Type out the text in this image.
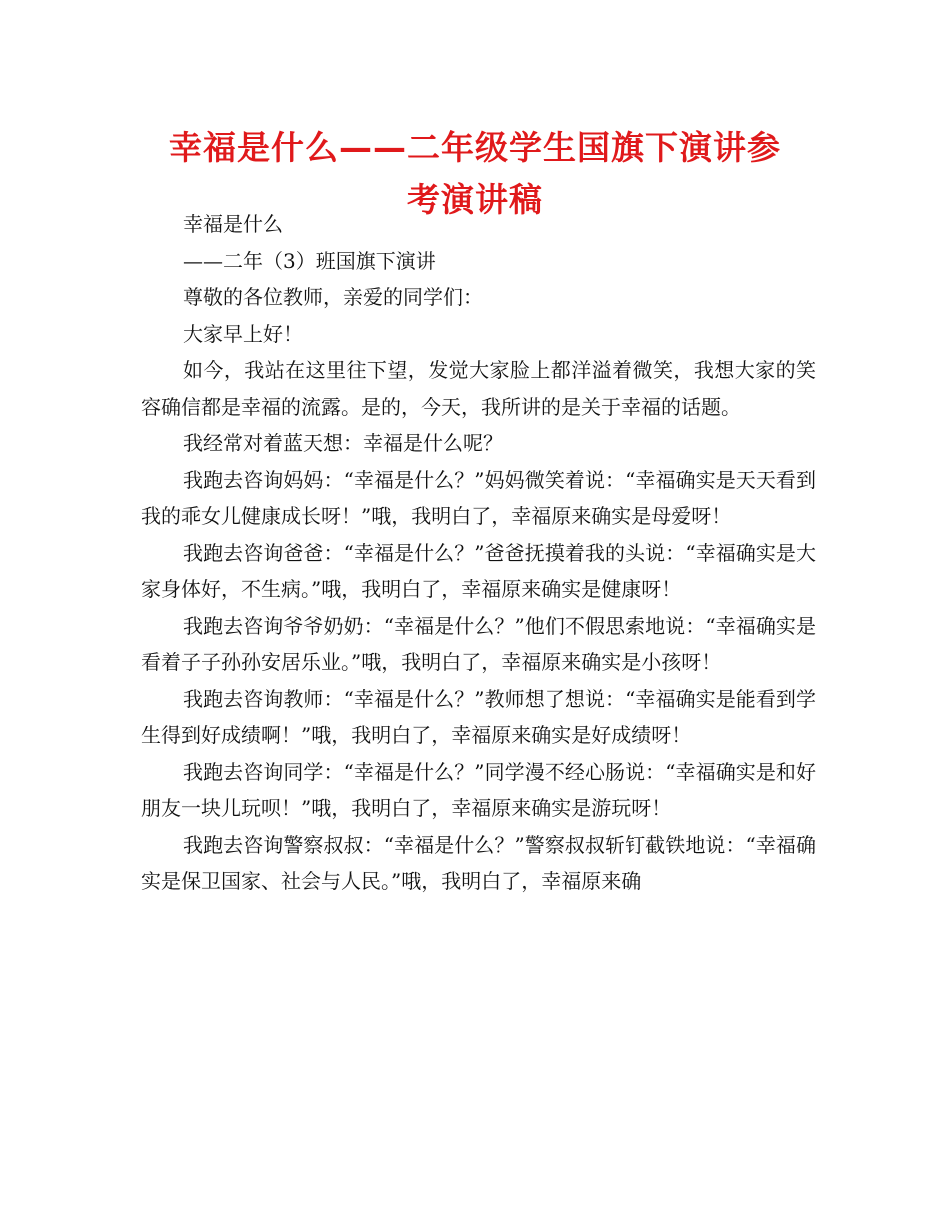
幸福是什么——二年级学生国旗下演讲参
考演讲稿

幸福是什么

——二年（3）班国旗下演讲

尊敬的各位教师，亲爱的同学们：

大家早上好！

如今，我站在这里往下望，发觉大家脸上都洋溢着微笑，我想大家的笑容确信都是幸福的流露。是的，今天，我所讲的是关于幸福的话题。

我经常对着蓝天想：幸福是什么呢？

我跑去咨询妈妈：“幸福是什么？”妈妈微笑着说：“幸福确实是天天看到我的乖女儿健康成长呀！”哦，我明白了，幸福原来确实是母爱呀！

我跑去咨询爸爸：“幸福是什么？”爸爸抚摸着我的头说：“幸福确实是大家身体好，不生病。”哦，我明白了，幸福原来确实是健康呀！

我跑去咨询爷爷奶奶：“幸福是什么？”他们不假思索地说：“幸福确实是看着子子孙孙安居乐业。”哦，我明白了，幸福原来确实是小孩呀！

我跑去咨询教师：“幸福是什么？”教师想了想说：“幸福确实是能看到学生得到好成绩啊！”哦，我明白了，幸福原来确实是好成绩呀！

我跑去咨询同学：“幸福是什么？”同学漫不经心肠说：“幸福确实是和好朋友一块儿玩呗！”哦，我明白了，幸福原来确实是游玩呀！

我跑去咨询警察叔叔：“幸福是什么？”警察叔叔斩钉截铁地说：“幸福确实是保卫国家、社会与人民。”哦，我明白了，幸福原来确
